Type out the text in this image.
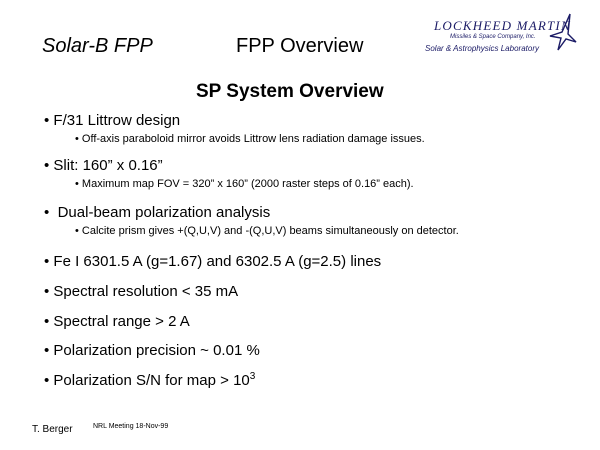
Solar-B FPP	FPP Overview
LOCKHEED MARTIN
Missiles & Space Company, Inc.
Solar & Astrophysics Laboratory
SP System Overview
• F/31 Littrow design
• Off-axis paraboloid mirror avoids Littrow lens radiation damage issues.
• Slit: 160” x 0.16”
• Maximum map FOV = 320” x 160” (2000 raster steps of 0.16” each).
•  Dual-beam polarization analysis
• Calcite prism gives +(Q,U,V) and -(Q,U,V) beams simultaneously on detector.
• Fe I 6301.5 A (g=1.67) and 6302.5 A (g=2.5) lines
• Spectral resolution < 35 mA
• Spectral range > 2 A
• Polarization precision ~ 0.01 %
• Polarization S/N for map > $10^3$
T. Berger	NRL Meeting 18-Nov-99
